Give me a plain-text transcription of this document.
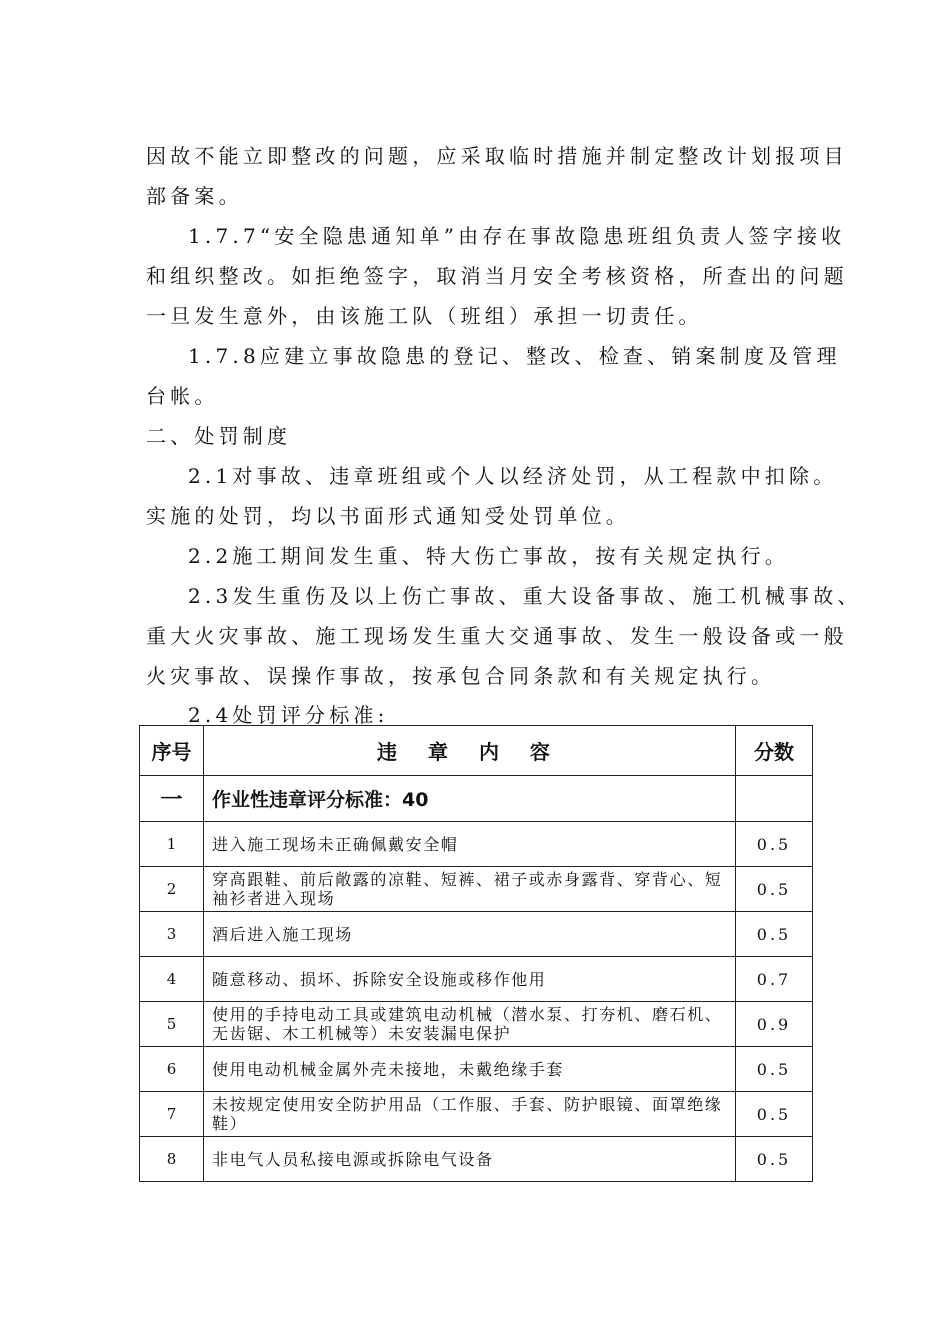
因故不能立即整改的问题，应采取临时措施并制定整改计划报项目
部备案。
1.7.7“安全隐患通知单”由存在事故隐患班组负责人签字接收
和组织整改。如拒绝签字，取消当月安全考核资格，所查出的问题
一旦发生意外，由该施工队（班组）承担一切责任。
1.7.8应建立事故隐患的登记、整改、检查、销案制度及管理
台帐。
二、处罚制度
2.1对事故、违章班组或个人以经济处罚，从工程款中扣除。
实施的处罚，均以书面形式通知受处罚单位。
2.2施工期间发生重、特大伤亡事故，按有关规定执行。
2.3发生重伤及以上伤亡事故、重大设备事故、施工机械事故、
重大火灾事故、施工现场发生重大交通事故、发生一般设备或一般
火灾事故、误操作事故，按承包合同条款和有关规定执行。
2.4处罚评分标准:
序号	违 章 内 容	分数
一	作业性违章评分标准：40	
1	进入施工现场未正确佩戴安全帽	0.5
2	穿高跟鞋、前后敞露的凉鞋、短裤、裙子或赤身露背、穿背心、短袖衫者进入现场	0.5
3	酒后进入施工现场	0.5
4	随意移动、损坏、拆除安全设施或移作他用	0.7
5	使用的手持电动工具或建筑电动机械（潜水泵、打夯机、磨石机、无齿锯、木工机械等）未安装漏电保护	0.9
6	使用电动机械金属外壳未接地，未戴绝缘手套	0.5
7	未按规定使用安全防护用品（工作服、手套、防护眼镜、面罩绝缘鞋）	0.5
8	非电气人员私接电源或拆除电气设备	0.5
